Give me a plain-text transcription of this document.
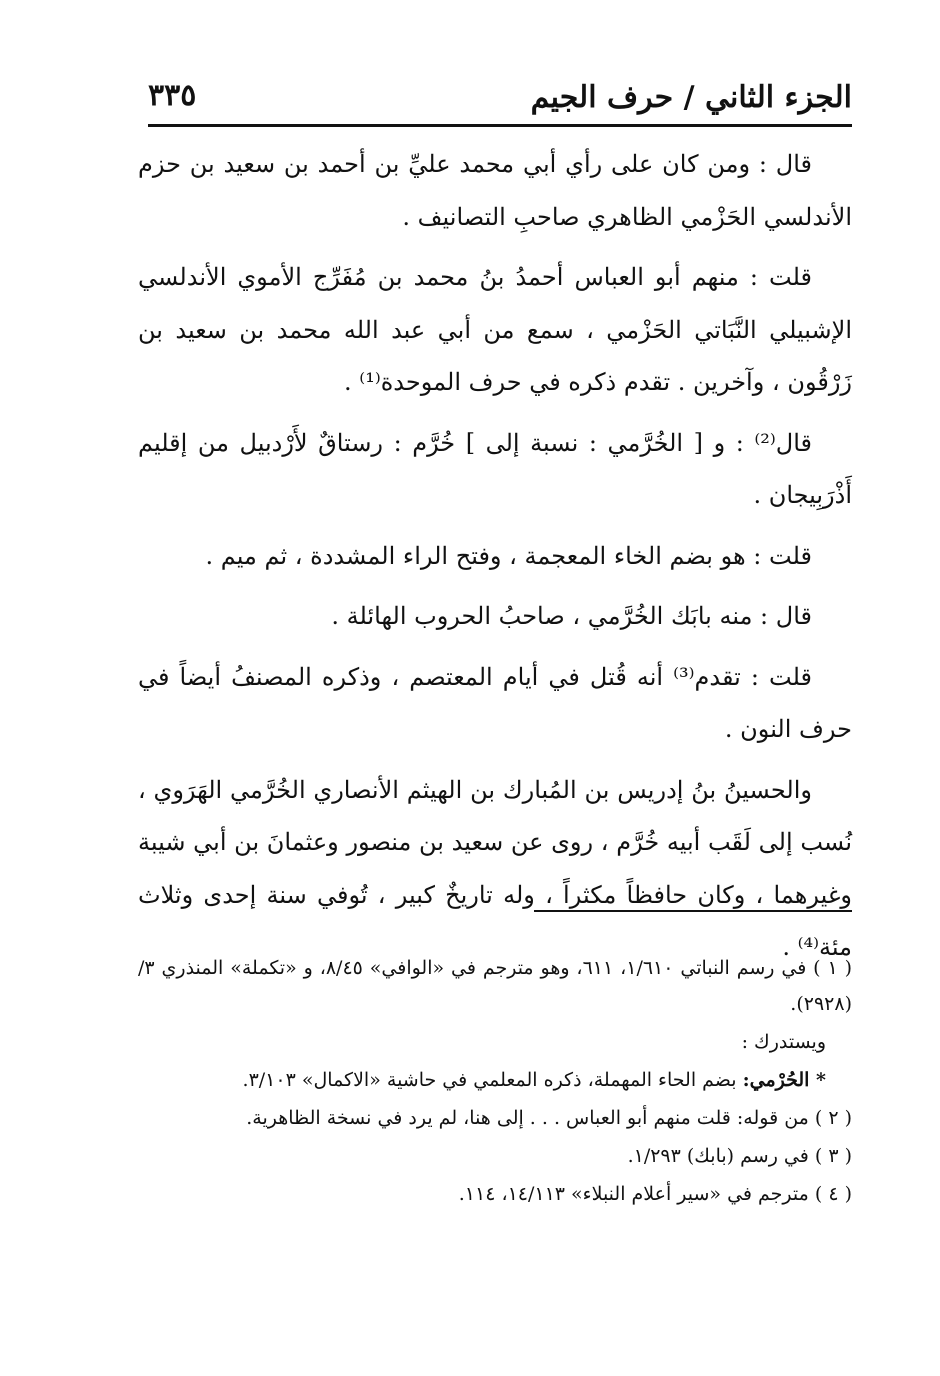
الجزء الثاني / حرف الجيم
٣٣٥

قال : ومن كان على رأي أبي محمد عليِّ بن أحمد بن سعيد بن حزم الأندلسي الحَزْمي الظاهري صاحبِ التصانيف .

قلت : منهم أبو العباس أحمدُ بنُ محمد بن مُفَرِّج الأموي الأندلسي الإشبيلي النَّبَاتي الحَزْمي ، سمع من أبي عبد الله محمد بن سعيد بن زَرْقُون ، وآخرين . تقدم ذكره في حرف الموحدة⁽¹⁾ .

قال⁽²⁾ : و [ الخُرَّمي : نسبة إلى ] خُرَّم : رستاقٌ لأَرْدبيل من إقليم أَذْرَبِيجان .

قلت : هو بضم الخاء المعجمة ، وفتح الراء المشددة ، ثم ميم .

قال : منه بابَك الخُرَّمي ، صاحبُ الحروب الهائلة .

قلت : تقدم⁽³⁾ أنه قُتل في أيام المعتصم ، وذكره المصنفُ أيضاً في حرف النون .

والحسينُ بنُ إدريس بن المُبارك بن الهيثم الأنصاري الخُرَّمي الهَرَوي ، نُسب إلى لَقَب أبيه خُرَّم ، روى عن سعيد بن منصور وعثمانَ بن أبي شيبة وغيرهما ، وكان حافظاً مكثراً ، وله تاريخٌ كبير ، تُوفي سنة إحدى وثلاث مئة⁽⁴⁾ .

( ١ ) في رسم النباتي ١/٦١٠، ٦١١، وهو مترجم في «الوافي» ٨/٤٥، و «تكملة» المنذري ٣/ (٢٩٢٨).

ويستدرك :

* الحُرْمي: بضم الحاء المهملة، ذكره المعلمي في حاشية «الاكمال» ٣/١٠٣.

( ٢ ) من قوله: قلت منهم أبو العباس . . . إلى هنا، لم يرد في نسخة الظاهرية.

( ٣ ) في رسم (بابك) ١/٢٩٣.

( ٤ ) مترجم في «سير أعلام النبلاء» ١٤/١١٣، ١١٤.
